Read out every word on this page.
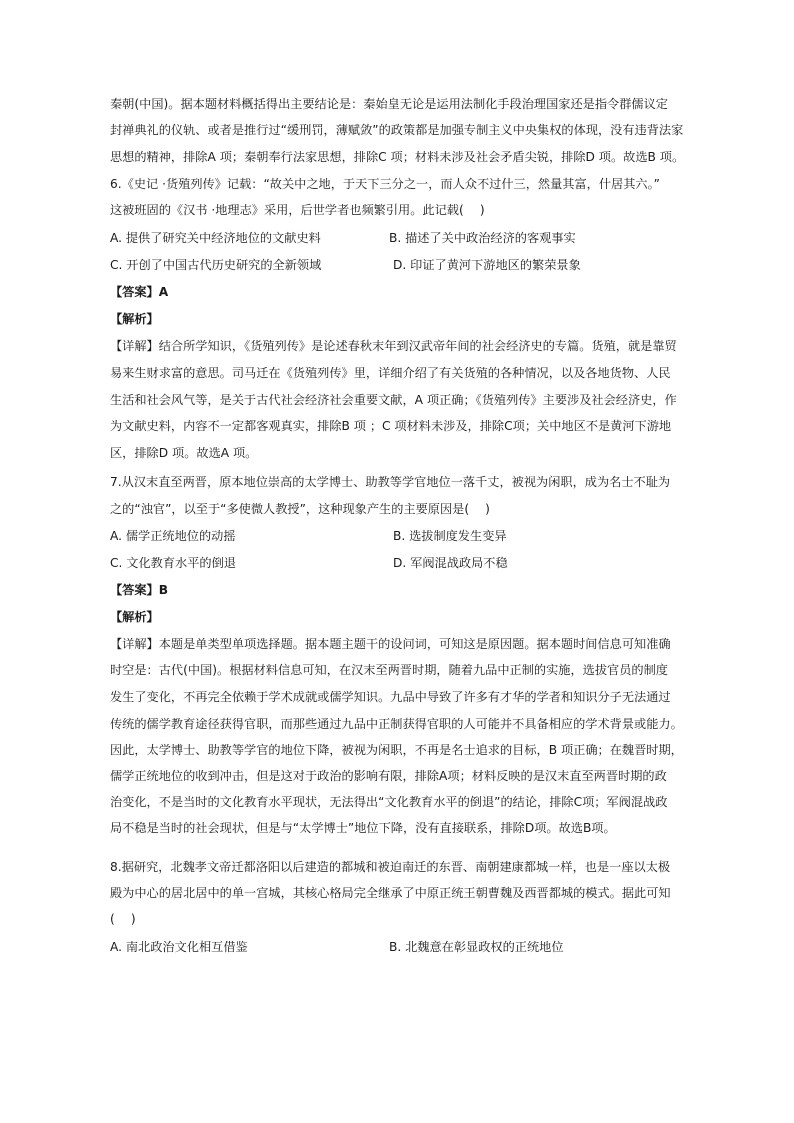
秦朝(中国)。据本题材料概括得出主要结论是：秦始皇无论是运用法制化手段治理国家还是指令群儒议定
封禅典礼的仪轨、或者是推行过“缓刑罚，薄赋敛”的政策都是加强专制主义中央集权的体现，没有违背法家
思想的精神，排除A 项；秦朝奉行法家思想，排除C 项；材料未涉及社会矛盾尖锐，排除D 项。故选B 项。
6.《史记 ·货殖列传》记载：“故关中之地，于天下三分之一，而人众不过什三，然量其富，什居其六。”
这被班固的《汉书 ·地理志》采用，后世学者也频繁引用。此记载(　 )
A. 提供了研究关中经济地位的文献史料	B. 描述了关中政治经济的客观事实
C. 开创了中国古代历史研究的全新领域	D. 印证了黄河下游地区的繁荣景象
【答案】A
【解析】
【详解】结合所学知识，《货殖列传》是论述春秋末年到汉武帝年间的社会经济史的专篇。货殖，就是靠贸
易来生财求富的意思。司马迁在《货殖列传》里，详细介绍了有关货殖的各种情况，以及各地货物、人民
生活和社会风气等，是关于古代社会经济社会重要文献，A 项正确；《货殖列传》主要涉及社会经济史，作
为文献史料，内容不一定都客观真实，排除B 项 ；C 项材料未涉及，排除C项；关中地区不是黄河下游地
区，排除D 项。故选A 项。
7.从汉末直至两晋，原本地位崇高的太学博士、助教等学官地位一落千丈，被视为闲职，成为名士不耻为
之的“浊官”，以至于“多使微人教授”，这种现象产生的主要原因是(　 )
A. 儒学正统地位的动摇	B. 选拔制度发生变异
C. 文化教育水平的倒退	D. 军阀混战政局不稳
【答案】B
【解析】
【详解】本题是单类型单项选择题。据本题主题干的设问词，可知这是原因题。据本题时间信息可知准确
时空是：古代(中国)。根据材料信息可知，在汉末至两晋时期，随着九品中正制的实施，选拔官员的制度
发生了变化，不再完全依赖于学术成就或儒学知识。九品中导致了许多有才华的学者和知识分子无法通过
传统的儒学教育途径获得官职，而那些通过九品中正制获得官职的人可能并不具备相应的学术背景或能力。
因此，太学博士、助教等学官的地位下降，被视为闲职，不再是名士追求的目标，B 项正确；在魏晋时期，
儒学正统地位的收到冲击，但是这对于政治的影响有限，排除A项；材料反映的是汉末直至两晋时期的政
治变化，不是当时的文化教育水平现状，无法得出“文化教育水平的倒退”的结论，排除C项；军阀混战政
局不稳是当时的社会现状，但是与“太学博士”地位下降，没有直接联系，排除D项。故选B项。
8.据研究，北魏孝文帝迁都洛阳以后建造的都城和被迫南迁的东晋、南朝建康都城一样，也是一座以太极
殿为中心的居北居中的单一宫城，其核心格局完全继承了中原正统王朝曹魏及西晋都城的模式。据此可知
(　 )
A. 南北政治文化相互借鉴	B. 北魏意在彰显政权的正统地位
